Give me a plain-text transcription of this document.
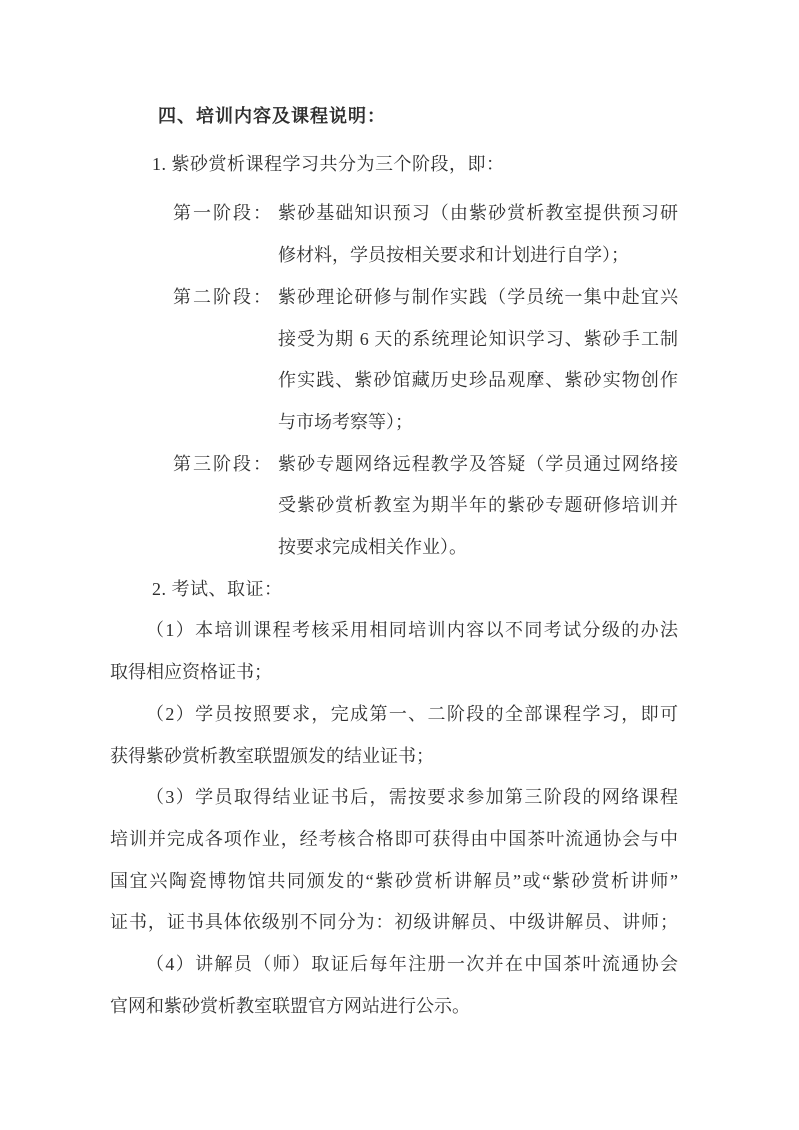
四、培训内容及课程说明：
1. 紫砂赏析课程学习共分为三个阶段，即：
第一阶段： 紫砂基础知识预习（由紫砂赏析教室提供预习研
修材料，学员按相关要求和计划进行自学）；
第二阶段： 紫砂理论研修与制作实践（学员统一集中赴宜兴
接受为期 6 天的系统理论知识学习、紫砂手工制
作实践、紫砂馆藏历史珍品观摩、紫砂实物创作
与市场考察等）；
第三阶段： 紫砂专题网络远程教学及答疑（学员通过网络接
受紫砂赏析教室为期半年的紫砂专题研修培训并
按要求完成相关作业）。
2. 考试、取证：
（1）本培训课程考核采用相同培训内容以不同考试分级的办法
取得相应资格证书；
（2）学员按照要求，完成第一、二阶段的全部课程学习，即可
获得紫砂赏析教室联盟颁发的结业证书；
（3）学员取得结业证书后，需按要求参加第三阶段的网络课程
培训并完成各项作业，经考核合格即可获得由中国茶叶流通协会与中
国宜兴陶瓷博物馆共同颁发的“紫砂赏析讲解员”或“紫砂赏析讲师”
证书，证书具体依级别不同分为：初级讲解员、中级讲解员、讲师；
（4）讲解员（师）取证后每年注册一次并在中国茶叶流通协会
官网和紫砂赏析教室联盟官方网站进行公示。
